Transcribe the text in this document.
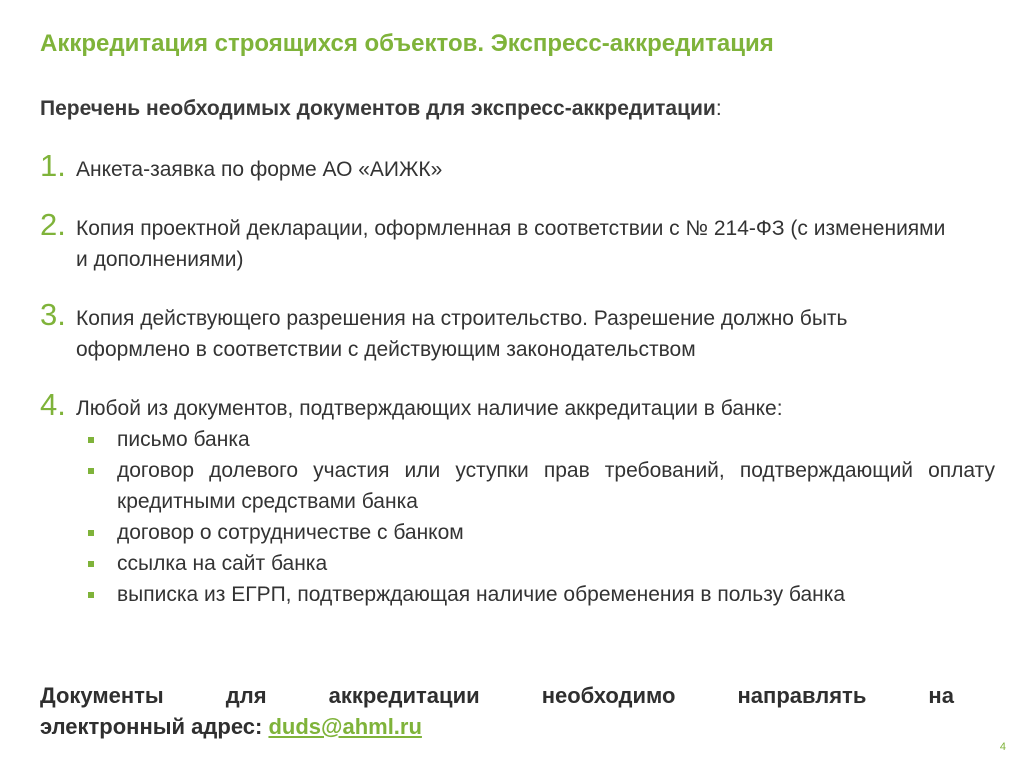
Аккредитация строящихся объектов. Экспресс-аккредитация
Перечень необходимых документов для экспресс-аккредитации:
1. Анкета-заявка по форме АО «АИЖК»
2. Копия проектной декларации, оформленная в соответствии с № 214-ФЗ (с изменениями и дополнениями)
3. Копия действующего разрешения на строительство. Разрешение должно быть оформлено в соответствии с действующим законодательством
4. Любой из документов, подтверждающих наличие аккредитации в банке:
письмо банка
договор долевого участия или уступки прав требований, подтверждающий оплату кредитными средствами банка
договор о сотрудничестве с банком
ссылка на сайт банка
выписка из ЕГРП, подтверждающая наличие обременения в пользу банка
Документы	для	аккредитации	необходимо	направлять	на
электронный адрес: duds@ahml.ru
4
